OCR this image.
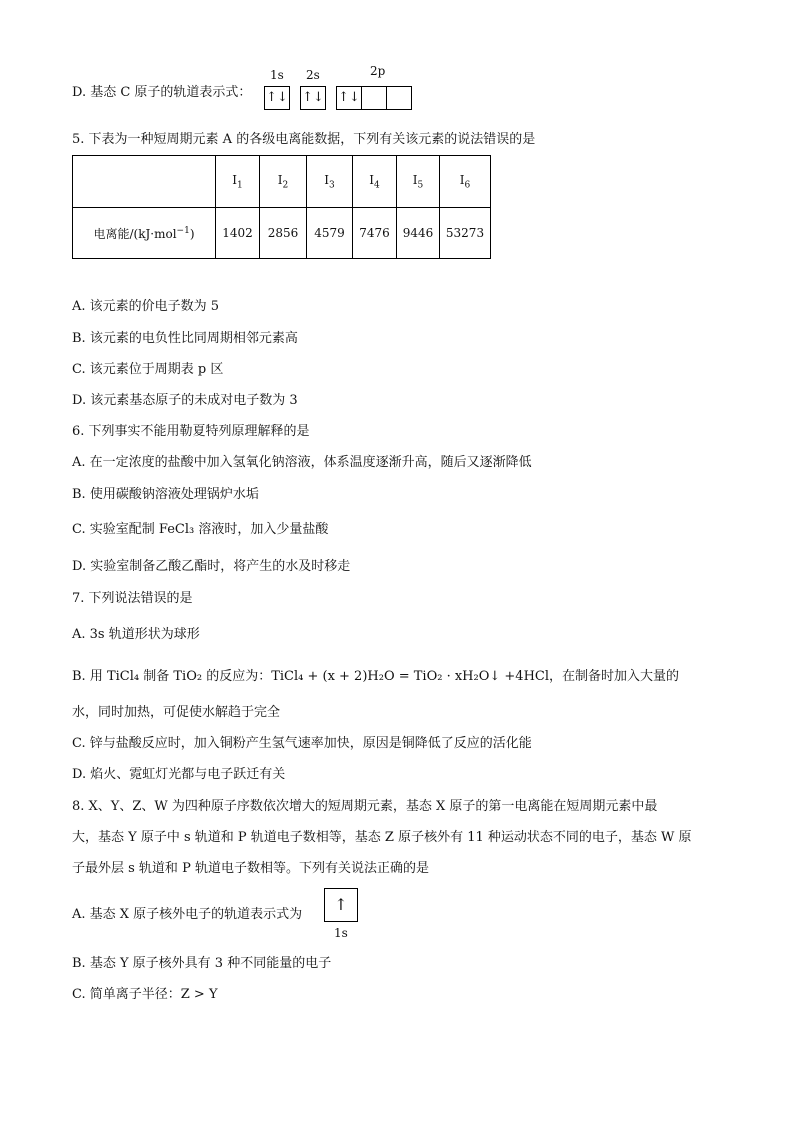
D. 基态 C 原子的轨道表示式：
1s 2s	2p
↑↓ ↑↓ ↑↓
5. 下表为一种短周期元素 A 的各级电离能数据，下列有关该元素的说法错误的是
	$I_1$	$I_2$	$I_3$	$I_4$	$I_5$	$I_6$
电离能/(kJ·mol$^{-1}$)	1402	2856	4579	7476	9446	53273
A. 该元素的价电子数为 5
B. 该元素的电负性比同周期相邻元素高
C. 该元素位于周期表 p 区
D. 该元素基态原子的未成对电子数为 3
6. 下列事实不能用勒夏特列原理解释的是
A. 在一定浓度的盐酸中加入氢氧化钠溶液，体系温度逐渐升高，随后又逐渐降低
B. 使用碳酸钠溶液处理锅炉水垢
C. 实验室配制 FeCl₃ 溶液时，加入少量盐酸
D. 实验室制备乙酸乙酯时，将产生的水及时移走
7. 下列说法错误的是
A. 3s 轨道形状为球形
B. 用 TiCl₄ 制备 TiO₂ 的反应为：TiCl₄ + (x + 2)H₂O = TiO₂ · xH₂O↓ +4HCl，在制备时加入大量的
水，同时加热，可促使水解趋于完全
C. 锌与盐酸反应时，加入铜粉产生氢气速率加快，原因是铜降低了反应的活化能
D. 焰火、霓虹灯光都与电子跃迁有关
8. X、Y、Z、W 为四种原子序数依次增大的短周期元素，基态 X 原子的第一电离能在短周期元素中最
大，基态 Y 原子中 s 轨道和 P 轨道电子数相等，基态 Z 原子核外有 11 种运动状态不同的电子，基态 W 原
子最外层 s 轨道和 P 轨道电子数相等。下列有关说法正确的是
A. 基态 X 原子核外电子的轨道表示式为
↑
1s
B. 基态 Y 原子核外具有 3 种不同能量的电子
C. 简单离子半径：Z > Y
